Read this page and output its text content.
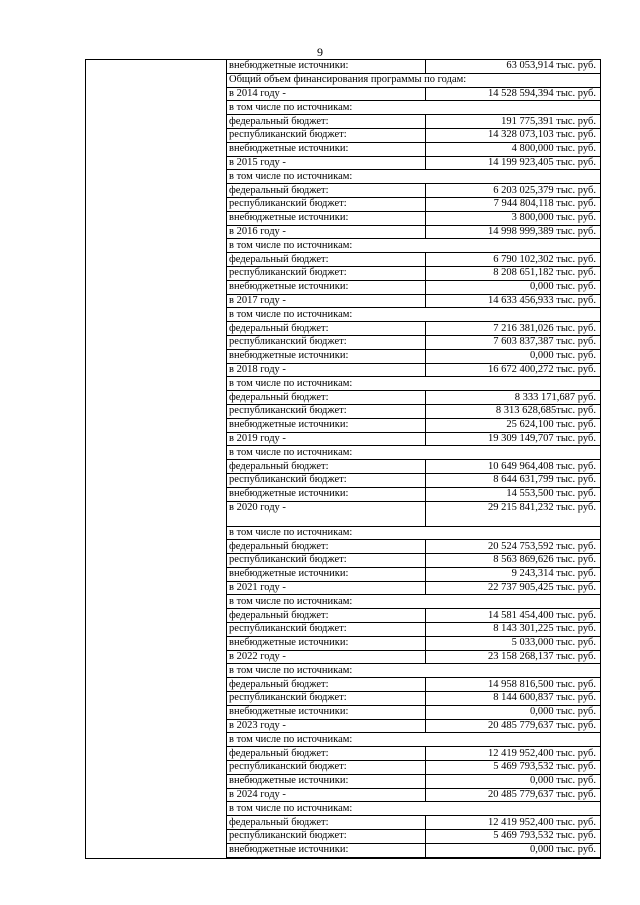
9

внебюджетные источники:	63 053,914 тыс. руб.
Общий объем финансирования программы по годам:
в 2014 году -	14 528 594,394 тыс. руб.
в том числе по источникам:
федеральный бюджет:	191 775,391 тыс. руб.
республиканский бюджет:	14 328 073,103 тыс. руб.
внебюджетные источники:	4 800,000 тыс. руб.
в 2015 году -	14 199 923,405 тыс. руб.
в том числе по источникам:
федеральный бюджет:	6 203 025,379 тыс. руб.
республиканский бюджет:	7 944 804,118 тыс. руб.
внебюджетные источники:	3 800,000 тыс. руб.
в 2016 году -	14 998 999,389 тыс. руб.
в том числе по источникам:
федеральный бюджет:	6 790 102,302 тыс. руб.
республиканский бюджет:	8 208 651,182 тыс. руб.
внебюджетные источники:	0,000 тыс. руб.
в 2017 году -	14 633 456,933 тыс. руб.
в том числе по источникам:
федеральный бюджет:	7 216 381,026 тыс. руб.
республиканский бюджет:	7 603 837,387 тыс. руб.
внебюджетные источники:	0,000 тыс. руб.
в 2018 году -	16 672 400,272 тыс. руб.
в том числе по источникам:
федеральный бюджет:	8 333 171,687 руб.
республиканский бюджет:	8 313 628,685тыс. руб.
внебюджетные источники:	25 624,100 тыс. руб.
в 2019 году -	19 309 149,707 тыс. руб.
в том числе по источникам:
федеральный бюджет:	10 649 964,408 тыс. руб.
республиканский бюджет:	8 644 631,799 тыс. руб.
внебюджетные источники:	14 553,500 тыс. руб.
в 2020 году -	29 215 841,232 тыс. руб.
в том числе по источникам:
федеральный бюджет:	20 524 753,592 тыс. руб.
республиканский бюджет:	8 563 869,626 тыс. руб.
внебюджетные источники:	9 243,314 тыс. руб.
в 2021 году -	22 737 905,425 тыс. руб.
в том числе по источникам:
федеральный бюджет:	14 581 454,400 тыс. руб.
республиканский бюджет:	8 143 301,225 тыс. руб.
внебюджетные источники:	5 033,000 тыс. руб.
в 2022 году -	23 158 268,137 тыс. руб.
в том числе по источникам:
федеральный бюджет:	14 958 816,500 тыс. руб.
республиканский бюджет:	8 144 600,837 тыс. руб.
внебюджетные источники:	0,000 тыс. руб.
в 2023 году -	20 485 779,637 тыс. руб.
в том числе по источникам:
федеральный бюджет:	12 419 952,400 тыс. руб.
республиканский бюджет:	5 469 793,532 тыс. руб.
внебюджетные источники:	0,000 тыс. руб.
в 2024 году -	20 485 779,637 тыс. руб.
в том числе по источникам:
федеральный бюджет:	12 419 952,400 тыс. руб.
республиканский бюджет:	5 469 793,532 тыс. руб.
внебюджетные источники:	0,000 тыс. руб.
